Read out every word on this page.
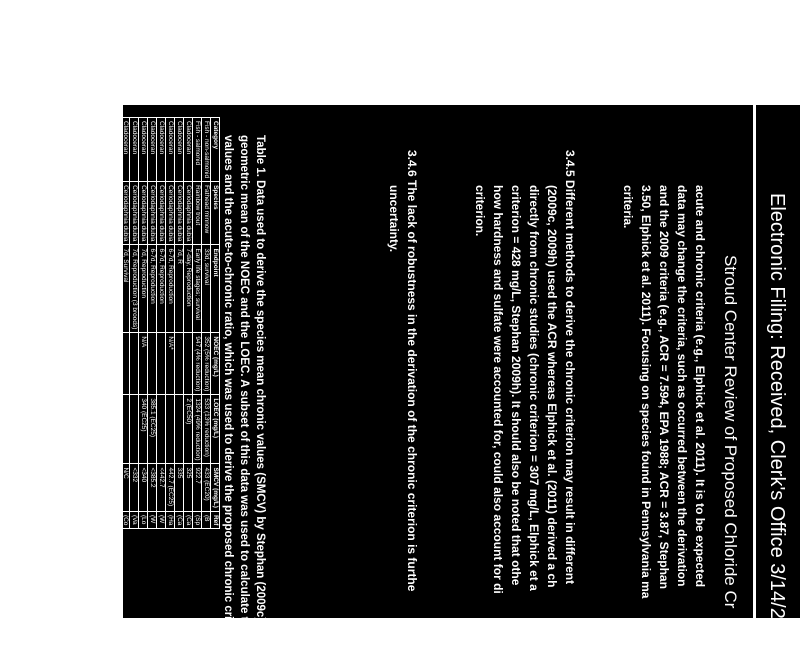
Electronic Filing: Received, Clerk's Office 3/14/2
Stroud Center Review of Proposed Chloride Cr
acute and chronic criteria (e.g., Elphick et al. 2011). It is to be expected
data may change the criteria, such as occurred between the derivation
and the 2009 criteria (e.g., ACR = 7.594, EPA 1988; ACR = 3.87, Stephan
3.50, Elphick et al. 2011). Focusing on species found in Pennsylvania ma
criteria.
3.4.5 Different methods to derive the chronic criterion may result in different
(2009c, 2009h) used the ACR whereas Elphick et al. (2011) derived a ch
directly from chronic studies (chronic criterion = 307 mg/L, Elphick et a
criterion = 428 mg/L, Stephan 2009h). It should also be noted that othe
how hardness and sulfate were accounted for, could also account for di
criterion.
3.4.6 The lack of robustness in the derivation of the chronic criterion is furthe
uncertainty.
Table 1. Data used to derive the species mean chronic values (SMCV) by Stephan (2009c). The
geometric mean of the NOEC and the LOEC. A subset of this data was used to calculate the ge
values and the acute-to-chronic ratio, which was used to derive the proposed chronic criterion
Category	Species	Endpoint	NOEC (mg/L)	LOEC (mg/L)	SMCV (mg/L)	Ref
Fish - non-salmonid	Fathead minnow	33d, survival	352 (5% reduction)	533 (13% reduction)	433 (EC20)	(B
Fish - salmonid	Rainbow trout	Early life stages; survival	947 (4% reduction)	1324 (49% reduction)	922.7	(Sp
Cladoceran	Ceriodaphnia dubia	7-day, Reproduction		2 (EC50)	325	(Ca
Cladoceran	Ceriodaphnia dubia	7d, R			335	(Ca
Cladoceran	Ceriodaphnia dubia	6-7d, Reproduction	N/A*		442.7 (EC25)	(Ha
Cladoceran	Ceriodaphnia dubia	6-7d, Reproduction			<442.7	(W
Cladoceran	Ceriodaphnia dubia	6-7d, Reproduction		385.1 (EC25)	<385.2	(W
Cladoceran	Ceriodaphnia dubia	7d, Reproduction	N/A	340 (EC25)	<340	(Lo
Cladoceran	Ceriodaphnia dubia	7d, Reproduction (3 broods)			<332	(Va
Cladoceran	Ceriodaphnia dubia	7d, Survival			N/C	(Co
Cladoceran	Ceriodaphnia dubia	7d, Reproduction		455-1062	<820	(Cp
Cladoceran	Ceriodaphnia dubia	7d, Reproduction	N/A	370.6 (EC20)	370.6	(H
Cladoceran	Daphnia ambigua	10d, Reproduction	N/A	292.4 (EC20)	292.4	(H
Cladoceran	Daphnia pulex	21d, Reproduction				(H
Cladoceran	Daphnia pulex	21d, Reproduction	314 (0% reduction)	441 (17% reduction)	372	(Bi
Frog	Rana pipiens	96d, Survival	N/A		<625	(Sa
